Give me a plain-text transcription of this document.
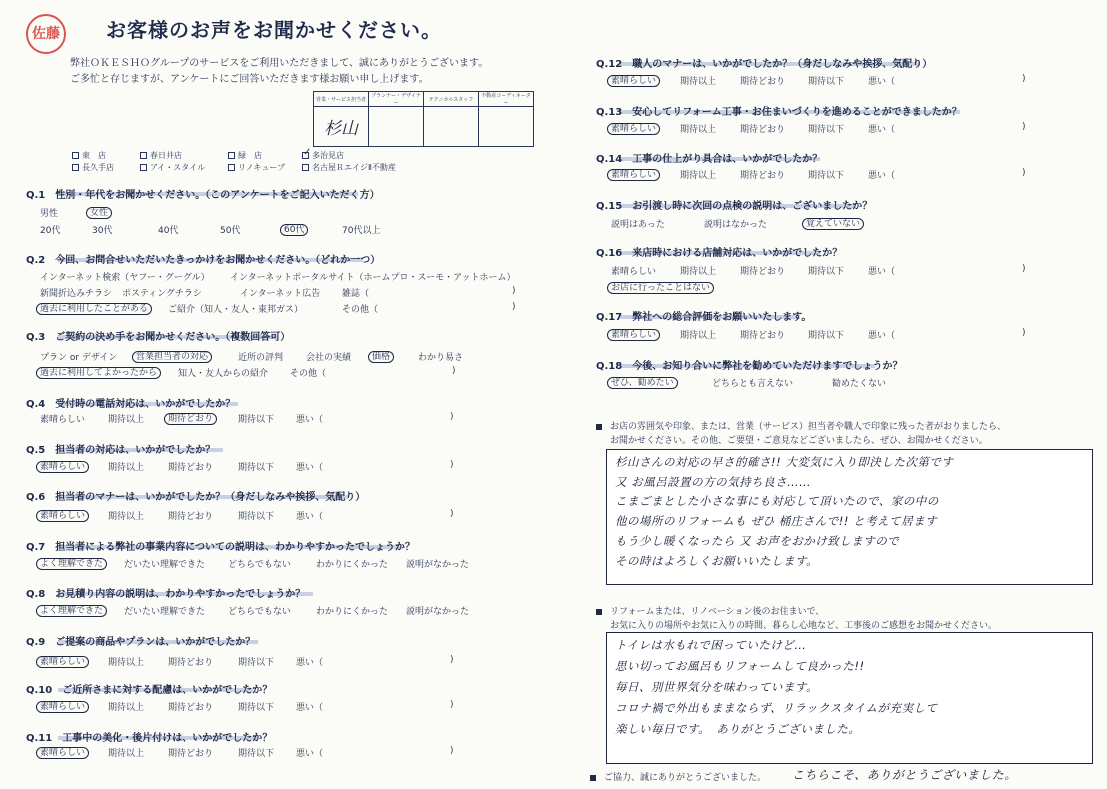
佐藤	お客様のお声をお聞かせください。
弊社ＯＫＥＳＨＯグループのサービスをご利用いただきまして、誠にありがとうございます。
ご多忙と存じますが、アンケートにご回答いただきます様お願い申し上げます。
営業・サービス担当者	プランナー・デザイナー	テクニカルスタッフ	不動産コーディネーター
杉山			
東　店	春日井店	緑　店	✓ 多治見店
長久手店	アイ・スタイル	リノキューブ	名古屋ＲエイジⅡ不動産
Q.1　性別・年代をお聞かせください。（このアンケートをご記入いただく方）
男性	女性
20代	30代	40代	50代	60代	70代以上
Q.2　今回、お問合せいただいたきっかけをお聞かせください。（どれか一つ）
インターネット検索（ヤフー・グーグル） インターネットポータルサイト（ホームプロ・スーモ・アットホーム）
新聞折込みチラシ ポスティングチラシ	インターネット広告 雑誌（	)
過去に利用したことがある	ご紹介（知人・友人・東邦ガス）	その他（	)
Q.3　ご契約の決め手をお聞かせください。（複数回答可）
プラン or デザイン 営業担当者の対応	近所の評判	会社の実績 価格	わかり易さ
過去に利用してよかったから	知人・友人からの紹介 その他（	)
Q.4　受付時の電話対応は、いかがでしたか？
素晴らしい	期待以上	期待どおり	期待以下 悪い（	)
Q.5　担当者の対応は、いかがでしたか？
素晴らしい	期待以上	期待どおり	期待以下 悪い（	)
Q.6　担当者のマナーは、いかがでしたか？（身だしなみや挨拶、気配り）
素晴らしい	期待以上	期待どおり	期待以下 悪い（	)
Q.7　担当者による弊社の事業内容についての説明は、わかりやすかったでしょうか？
よく理解できた	だいたい理解できた	どちらでもない	わかりにくかった 説明がなかった
Q.8　お見積り内容の説明は、わかりやすかったでしょうか？
よく理解できた	だいたい理解できた	どちらでもない	わかりにくかった 説明がなかった
Q.9　ご提案の商品やプランは、いかがでしたか？
素晴らしい	期待以上	期待どおり	期待以下 悪い（	)
Q.10　ご近所さまに対する配慮は、いかがでしたか？
素晴らしい	期待以上	期待どおり	期待以下 悪い（	)
Q.11　工事中の美化・後片付けは、いかがでしたか？
素晴らしい	期待以上	期待どおり	期待以下 悪い（	)
Q.12　職人のマナーは、いかがでしたか？（身だしなみや挨拶、気配り）
素晴らしい	期待以上	期待どおり	期待以下	悪い（	)
Q.13　安心してリフォーム工事・お住まいづくりを進めることができましたか？
素晴らしい	期待以上	期待どおり	期待以下	悪い（	)
Q.14　工事の仕上がり具合は、いかがでしたか？
素晴らしい	期待以上	期待どおり	期待以下	悪い（	)
Q.15　お引渡し時に次回の点検の説明は、ございましたか？
説明はあった	説明はなかった	覚えていない
Q.16　来店時における店舗対応は、いかがでしたか？
素晴らしい	期待以上	期待どおり	期待以下	悪い（	)
お店に行ったことはない
Q.17　弊社への総合評価をお願いいたします。
素晴らしい	期待以上	期待どおり	期待以下	悪い（	)
Q.18　今後、お知り合いに弊社を勧めていただけますでしょうか？
ぜひ、勧めたい	どちらとも言えない	勧めたくない
お店の雰囲気や印象、または、営業（サービス）担当者や職人で印象に残った者がおりましたら、
お聞かせください。その他、ご要望・ご意見などございましたら、ぜひ、お聞かせください。
杉山さんの対応の早さ的確さ!! 大変気に入り即決した次第です
又 お風呂設置の方の気持ち良さ……
こまごまとした小さな事にも対応して頂いたので、家の中の
他の場所のリフォームも ぜひ 桶庄さんで!! と考えて居ます
もう少し暖くなったら 又 お声をおかけ致しますので
その時はよろしくお願いいたします。
リフォームまたは、リノベーション後のお住まいで、
お気に入りの場所やお気に入りの時間、暮らし心地など、工事後のご感想をお聞かせください。
トイレは水もれで困っていたけど…
思い切ってお風呂もリフォームして良かった!!
毎日、別世界気分を味わっています。
コロナ禍で外出もままならず、リラックスタイムが充実して
楽しい毎日です。　ありがとうございました。
ご協力、誠にありがとうございました。 こちらこそ、ありがとうございました。
